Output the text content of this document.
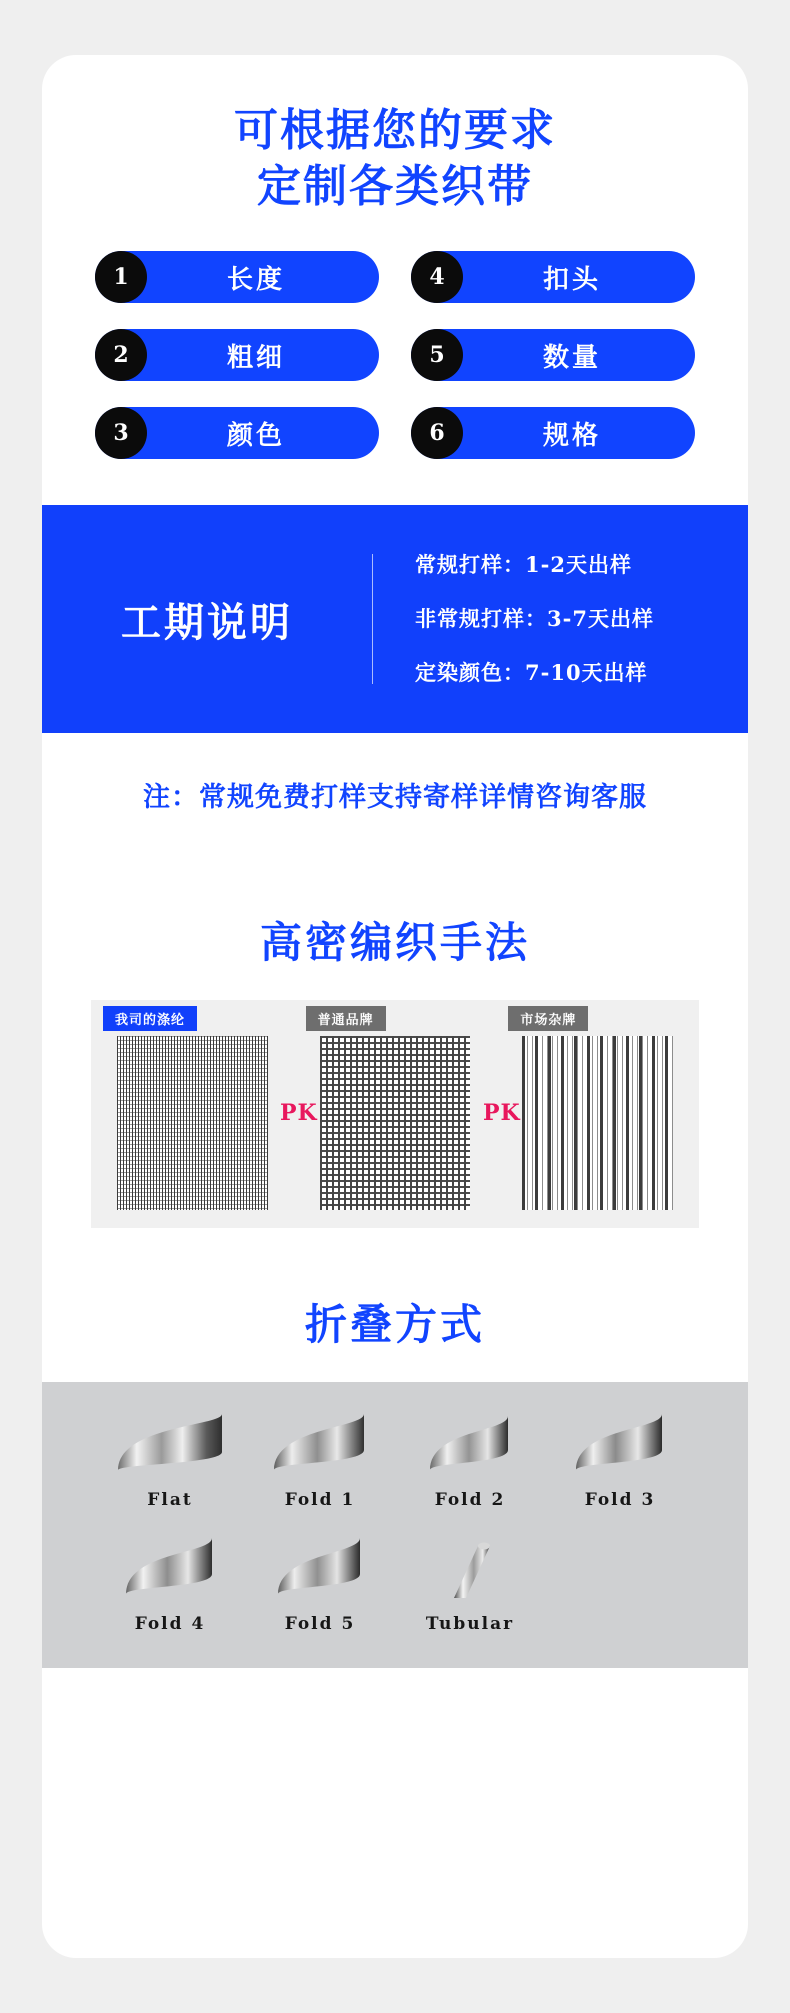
可根据您的要求
定制各类织带
1	长度	4	扣头
2	粗细	5	数量
3	颜色	6	规格
工期说明
常规打样：1-2天出样
非常规打样：3-7天出样
定染颜色：7-10天出样
注：常规免费打样支持寄样详情咨询客服
高密编织手法
我司的涤纶	普通品牌	市场杂牌
PK	PK
折叠方式
Flat	Fold 1	Fold 2	Fold 3
Fold 4	Fold 5	Tubular
